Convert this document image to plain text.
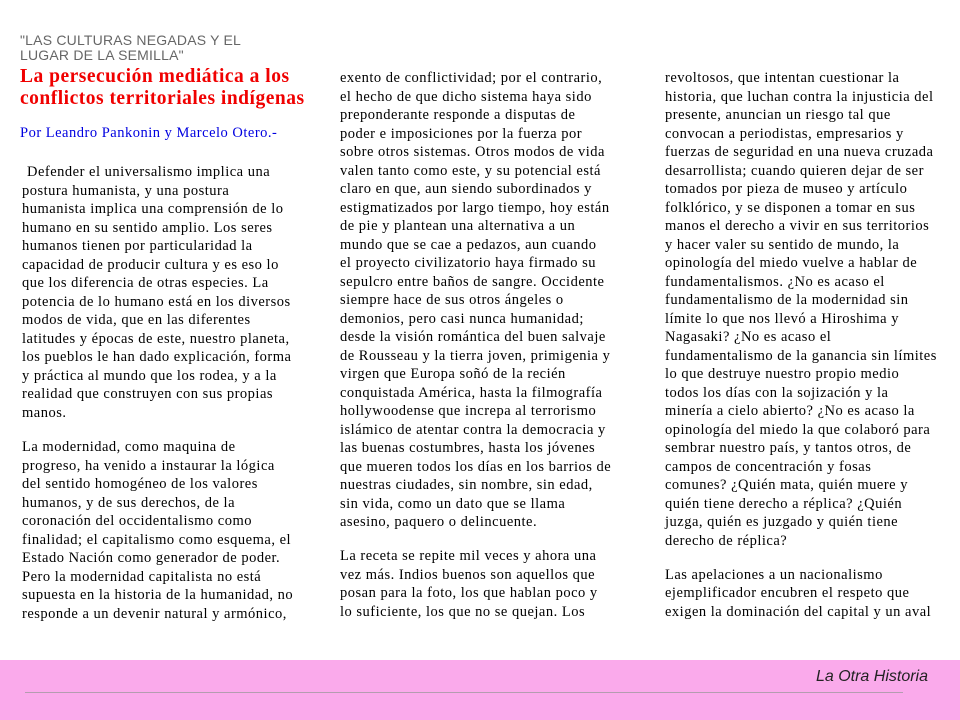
"LAS CULTURAS NEGADAS Y EL
LUGAR DE LA SEMILLA"
La persecución mediática a los
conflictos territoriales indígenas
Por Leandro Pankonin y Marcelo Otero.-
Defender el universalismo implica una
postura humanista, y una postura
humanista implica una comprensión de lo
humano en su sentido amplio. Los seres
humanos tienen por particularidad la
capacidad de producir cultura y es eso lo
que los diferencia de otras especies. La
potencia de lo humano está en los diversos
modos de vida, que en las diferentes
latitudes y épocas de este, nuestro planeta,
los pueblos le han dado explicación, forma
y práctica al mundo que los rodea, y a la
realidad que construyen con sus propias
manos.
La modernidad, como maquina de
progreso, ha venido a instaurar la lógica
del sentido homogéneo de los valores
humanos, y de sus derechos, de la
coronación del occidentalismo como
finalidad; el capitalismo como esquema, el
Estado Nación como generador de poder.
Pero la modernidad capitalista no está
supuesta en la historia de la humanidad, no
responde a un devenir natural y armónico,
exento de conflictividad; por el contrario,
el hecho de que dicho sistema haya sido
preponderante responde a disputas de
poder e imposiciones por la fuerza por
sobre otros sistemas. Otros modos de vida
valen tanto como este, y su potencial está
claro en que, aun siendo subordinados y
estigmatizados por largo tiempo, hoy están
de pie y plantean una alternativa a un
mundo que se cae a pedazos, aun cuando
el proyecto civilizatorio haya firmado su
sepulcro entre baños de sangre. Occidente
siempre hace de sus otros ángeles o
demonios, pero casi nunca humanidad;
desde la visión romántica del buen salvaje
de Rousseau y la tierra joven, primigenia y
virgen que Europa soñó de la recién
conquistada América, hasta la filmografía
hollywoodense que increpa al terrorismo
islámico de atentar contra la democracia y
las buenas costumbres, hasta los jóvenes
que mueren todos los días en los barrios de
nuestras ciudades, sin nombre, sin edad,
sin vida, como un dato que se llama
asesino, paquero o delincuente.
La receta se repite mil veces y ahora una
vez más. Indios buenos son aquellos que
posan para la foto, los que hablan poco y
lo suficiente, los que no se quejan. Los
revoltosos, que intentan cuestionar la
historia, que luchan contra la injusticia del
presente, anuncian un riesgo tal que
convocan a periodistas, empresarios y
fuerzas de seguridad en una nueva cruzada
desarrollista; cuando quieren dejar de ser
tomados por pieza de museo y artículo
folklórico, y se disponen a tomar en sus
manos el derecho a vivir en sus territorios
y hacer valer su sentido de mundo, la
opinología del miedo vuelve a hablar de
fundamentalismos. ¿No es acaso el
fundamentalismo de la modernidad sin
límite lo que nos llevó a Hiroshima y
Nagasaki? ¿No es acaso el
fundamentalismo de la ganancia sin límites
lo que destruye nuestro propio medio
todos los días con la sojización y la
minería a cielo abierto? ¿No es acaso la
opinología del miedo la que colaboró para
sembrar nuestro país, y tantos otros, de
campos de concentración y fosas
comunes? ¿Quién mata, quién muere y
quién tiene derecho a réplica? ¿Quién
juzga, quién es juzgado y quién tiene
derecho de réplica?
Las apelaciones a un nacionalismo
ejemplificador encubren el respeto que
exigen la dominación del capital y un aval
La Otra Historia
